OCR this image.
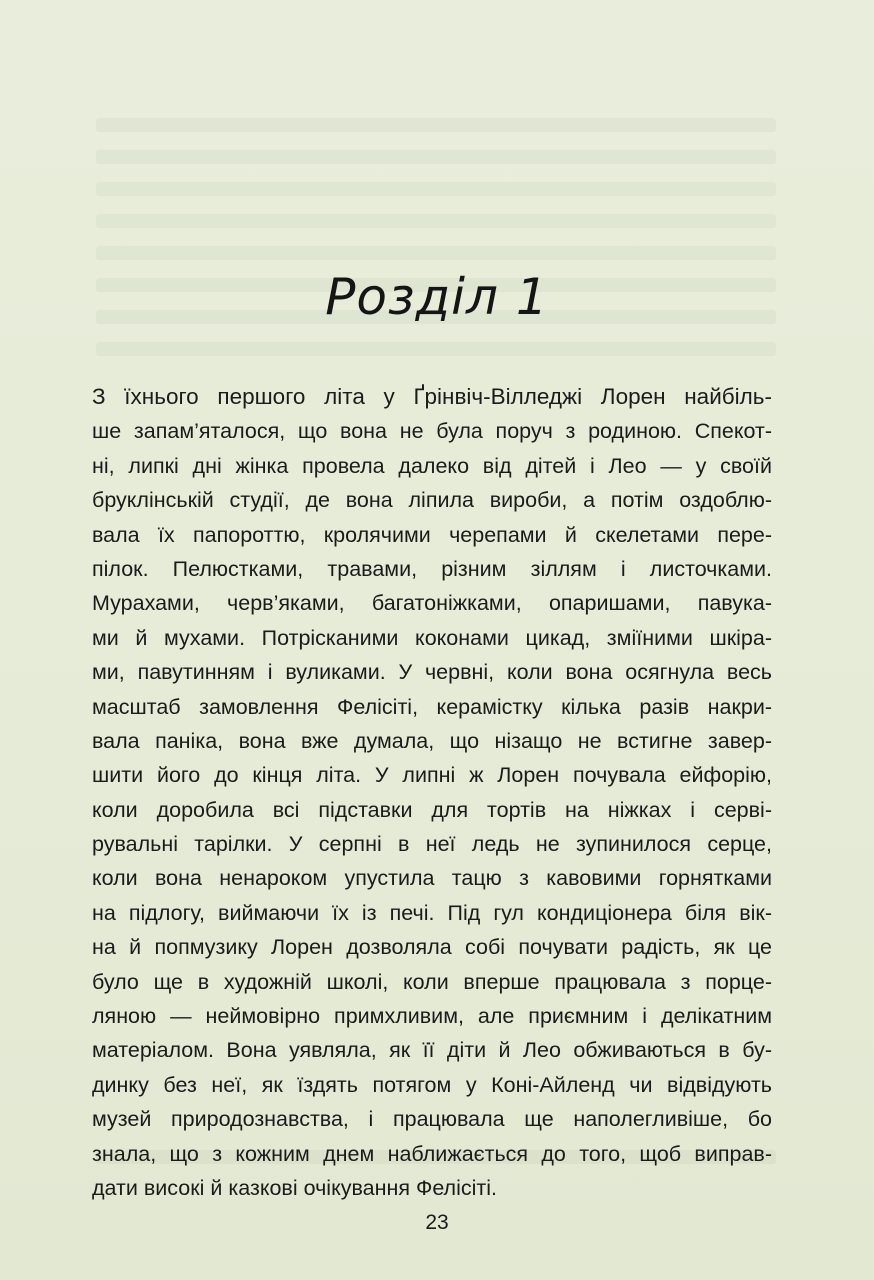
Розділ 1
З їхнього першого літа у Ґрінвіч-Вілледжі Лорен найбіль-
ше запам’яталося, що вона не була поруч з родиною. Спекот-
ні, липкі дні жінка провела далеко від дітей і Лео — у своїй
бруклінській студії, де вона ліпила вироби, а потім оздоблю-
вала їх папороттю, кролячими черепами й скелетами пере-
пілок. Пелюстками, травами, різним зіллям і листочками.
Мурахами, черв’яками, багатоніжками, опаришами, павука-
ми й мухами. Потрісканими коконами цикад, зміїними шкіра-
ми, павутинням і вуликами. У червні, коли вона осягнула весь
масштаб замовлення Фелісіті, керамістку кілька разів накри-
вала паніка, вона вже думала, що нізащо не встигне завер-
шити його до кінця літа. У липні ж Лорен почувала ейфорію,
коли доробила всі підставки для тортів на ніжках і серві-
рувальні тарілки. У серпні в неї ледь не зупинилося серце,
коли вона ненароком упустила тацю з кавовими горнятками
на підлогу, виймаючи їх із печі. Під гул кондиціонера біля вік-
на й попмузику Лорен дозволяла собі почувати радість, як це
було ще в художній школі, коли вперше працювала з порце-
ляною — неймовірно примхливим, але приємним і делікатним
матеріалом. Вона уявляла, як її діти й Лео обживаються в бу-
динку без неї, як їздять потягом у Коні-Айленд чи відвідують
музей природознавства, і працювала ще наполегливіше, бо
знала, що з кожним днем наближається до того, щоб виправ-
дати високі й казкові очікування Фелісіті.
23
